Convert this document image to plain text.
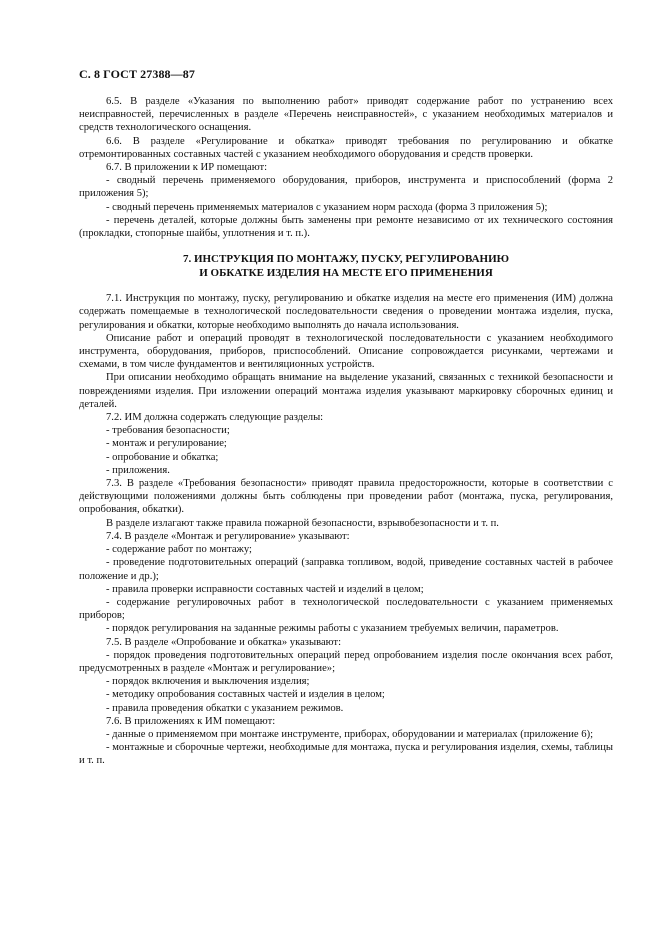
С. 8 ГОСТ 27388—87

6.5. В разделе «Указания по выполнению работ» приводят содержание работ по устранению всех неисправностей, перечисленных в разделе «Перечень неисправностей», с указанием необходимых материалов и средств технологического оснащения.

6.6. В разделе «Регулирование и обкатка» приводят требования по регулированию и обкатке отремонтированных составных частей с указанием необходимого оборудования и средств проверки.

6.7. В приложении к ИР помещают:

- сводный перечень применяемого оборудования, приборов, инструмента и приспособлений (форма 2 приложения 5);

- сводный перечень применяемых материалов с указанием норм расхода (форма 3 приложения 5);

- перечень деталей, которые должны быть заменены при ремонте независимо от их технического состояния (прокладки, стопорные шайбы, уплотнения и т. п.).

7. ИНСТРУКЦИЯ ПО МОНТАЖУ, ПУСКУ, РЕГУЛИРОВАНИЮ
И ОБКАТКЕ ИЗДЕЛИЯ НА МЕСТЕ ЕГО ПРИМЕНЕНИЯ

7.1. Инструкция по монтажу, пуску, регулированию и обкатке изделия на месте его применения (ИМ) должна содержать помещаемые в технологической последовательности сведения о проведении монтажа изделия, пуска, регулирования и обкатки, которые необходимо выполнять до начала использования.

Описание работ и операций проводят в технологической последовательности с указанием необходимого инструмента, оборудования, приборов, приспособлений. Описание сопровождается рисунками, чертежами и схемами, в том числе фундаментов и вентиляционных устройств.

При описании необходимо обращать внимание на выделение указаний, связанных с техникой безопасности и повреждениями изделия. При изложении операций монтажа изделия указывают маркировку сборочных единиц и деталей.

7.2. ИМ должна содержать следующие разделы:

- требования безопасности;

- монтаж и регулирование;

- опробование и обкатка;

- приложения.

7.3. В разделе «Требования безопасности» приводят правила предосторожности, которые в соответствии с действующими положениями должны быть соблюдены при проведении работ (монтажа, пуска, регулирования, опробования, обкатки).

В разделе излагают также правила пожарной безопасности, взрывобезопасности и т. п.

7.4. В разделе «Монтаж и регулирование» указывают:

- содержание работ по монтажу;

- проведение подготовительных операций (заправка топливом, водой, приведение составных частей в рабочее положение и др.);

- правила проверки исправности составных частей и изделий в целом;

- содержание регулировочных работ в технологической последовательности с указанием применяемых приборов;

- порядок регулирования на заданные режимы работы с указанием требуемых величин, параметров.

7.5. В разделе «Опробование и обкатка» указывают:

- порядок проведения подготовительных операций перед опробованием изделия после окончания всех работ, предусмотренных в разделе «Монтаж и регулирование»;

- порядок включения и выключения изделия;

- методику опробования составных частей и изделия в целом;

- правила проведения обкатки с указанием режимов.

7.6. В приложениях к ИМ помещают:

- данные о применяемом при монтаже инструменте, приборах, оборудовании и материалах (приложение 6);

- монтажные и сборочные чертежи, необходимые для монтажа, пуска и регулирования изделия, схемы, таблицы и т. п.
